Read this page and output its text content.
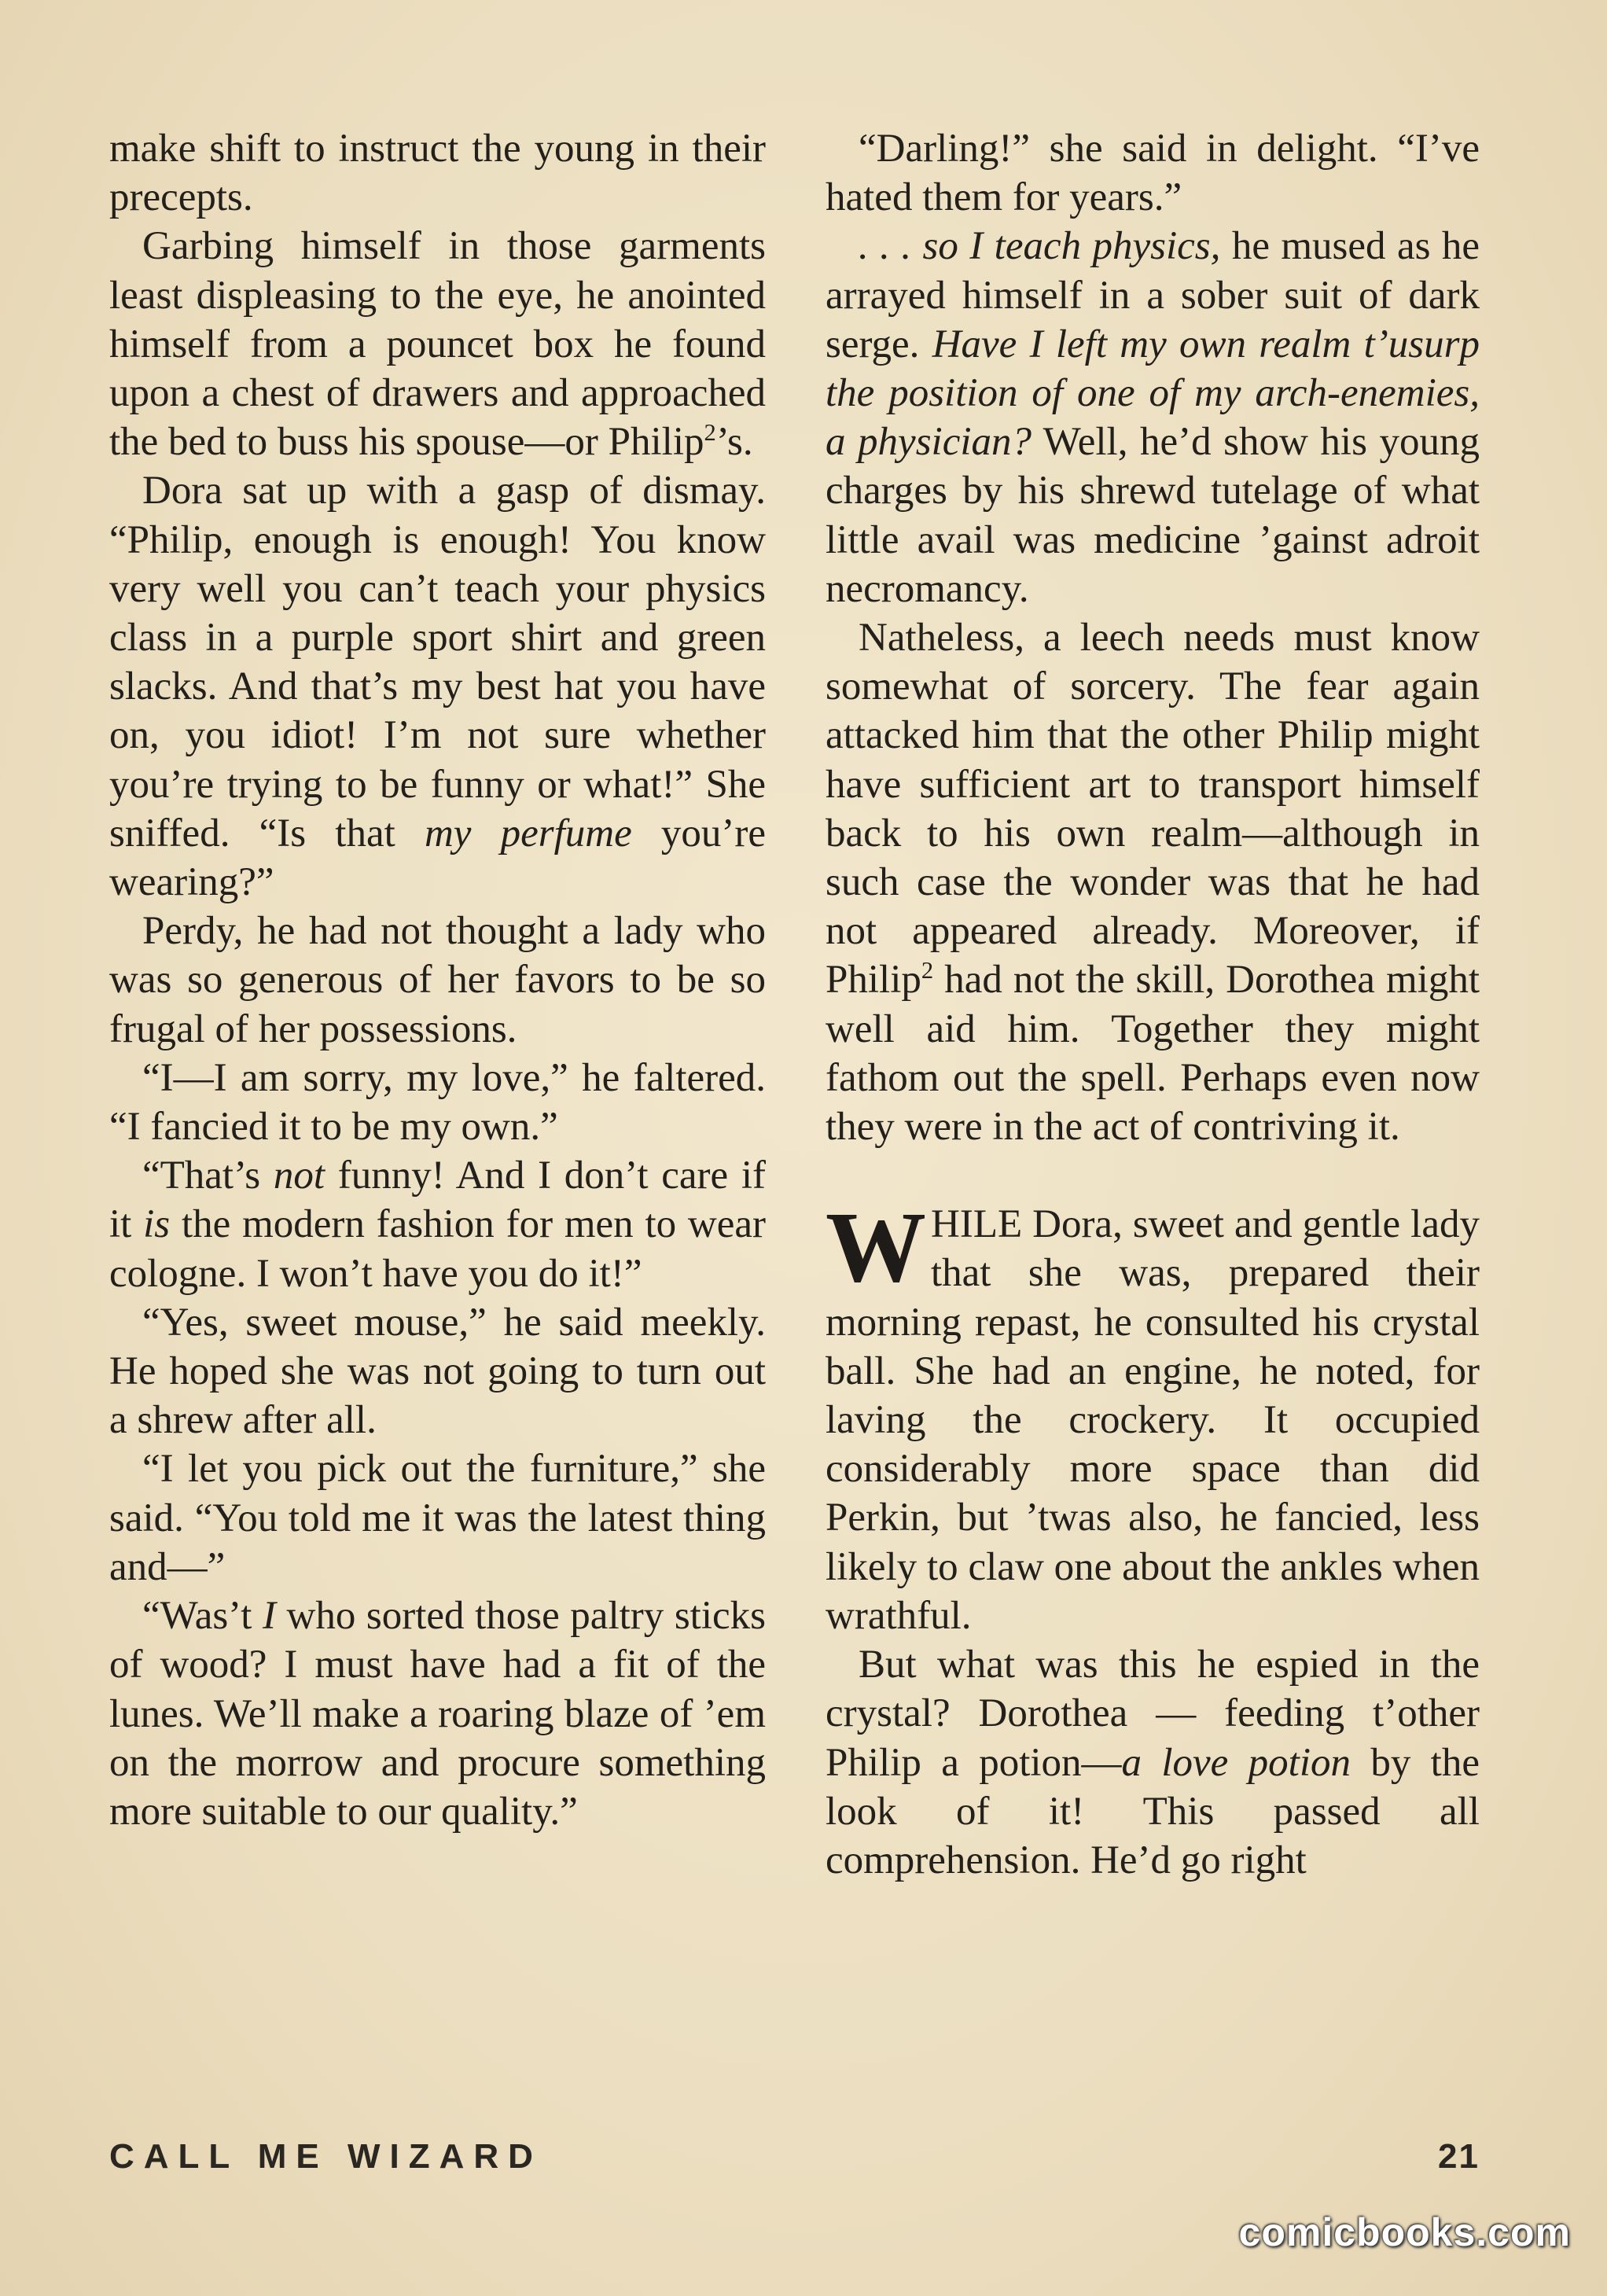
make shift to instruct the young in their precepts.

Garbing himself in those garments least displeasing to the eye, he anointed himself from a pouncet box he found upon a chest of drawers and approached the bed to buss his spouse—or Philip$^2$’s.

Dora sat up with a gasp of dismay. “Philip, enough is enough! You know very well you can’t teach your physics class in a purple sport shirt and green slacks. And that’s my best hat you have on, you idiot! I’m not sure whether you’re trying to be funny or what!” She sniffed. “Is that my perfume you’re wearing?”

Perdy, he had not thought a lady who was so generous of her favors to be so frugal of her possessions.

“I—I am sorry, my love,” he faltered. “I fancied it to be my own.”

“That’s not funny! And I don’t care if it is the modern fashion for men to wear cologne. I won’t have you do it!”

“Yes, sweet mouse,” he said meekly. He hoped she was not going to turn out a shrew after all.

“I let you pick out the furniture,” she said. “You told me it was the latest thing and—”

“Was’t I who sorted those paltry sticks of wood? I must have had a fit of the lunes. We’ll make a roaring blaze of ’em on the morrow and procure something more suitable to our quality.”

“Darling!” she said in delight. “I’ve hated them for years.”

. . . so I teach physics, he mused as he arrayed himself in a sober suit of dark serge. Have I left my own realm t’usurp the position of one of my arch-enemies, a physician? Well, he’d show his young charges by his shrewd tutelage of what little avail was medicine ’gainst adroit necromancy.

Natheless, a leech needs must know somewhat of sorcery. The fear again attacked him that the other Philip might have sufficient art to transport himself back to his own realm—although in such case the wonder was that he had not appeared already. Moreover, if Philip$^2$ had not the skill, Dorothea might well aid him. Together they might fathom out the spell. Perhaps even now they were in the act of contriving it.

WHILE Dora, sweet and gentle lady that she was, prepared their morning repast, he consulted his crystal ball. She had an engine, he noted, for laving the crockery. It occupied considerably more space than did Perkin, but ’twas also, he fancied, less likely to claw one about the ankles when wrathful.

But what was this he espied in the crystal? Dorothea — feeding t’other Philip a potion—a love potion by the look of it! This passed all comprehension. He’d go right

CALL ME WIZARD	21
comicbooks.com
